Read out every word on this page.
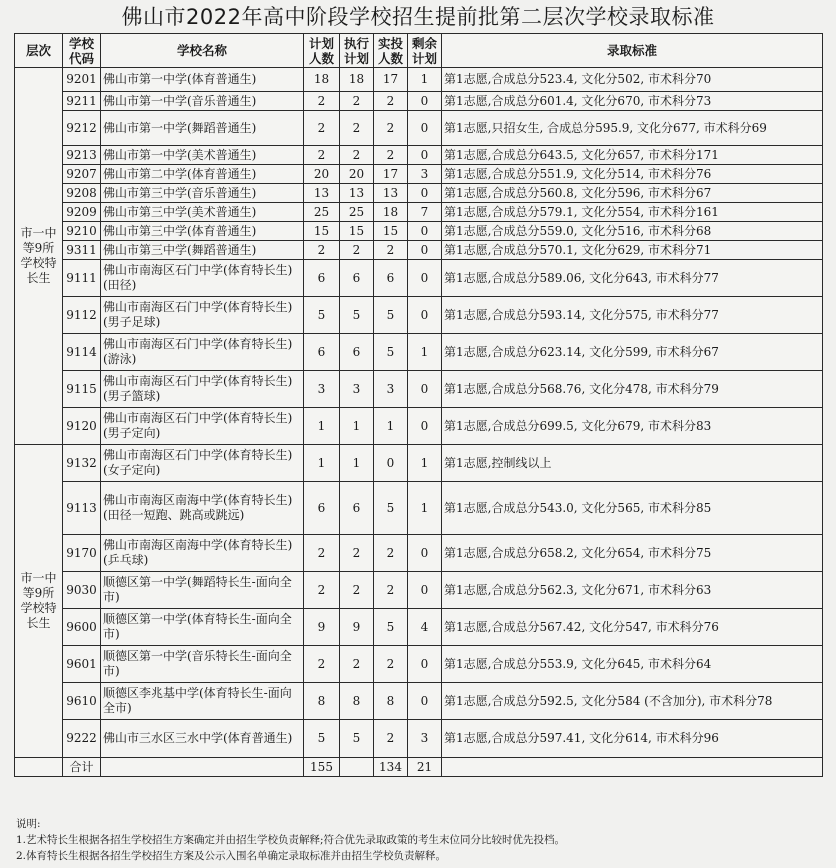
佛山市2022年高中阶段学校招生提前批第二层次学校录取标准
层次	学校代码	学校名称	计划人数	执行计划	实投人数	剩余计划	录取标准
市一中等9所学校特长生	9201	佛山市第一中学(体育普通生)	18	18	17	1	第1志愿,合成总分523.4, 文化分502, 市术科分70
	9211	佛山市第一中学(音乐普通生)	2	2	2	0	第1志愿,合成总分601.4, 文化分670, 市术科分73
	9212	佛山市第一中学(舞蹈普通生)	2	2	2	0	第1志愿,只招女生, 合成总分595.9, 文化分677, 市术科分69
	9213	佛山市第一中学(美术普通生)	2	2	2	0	第1志愿,合成总分643.5, 文化分657, 市术科分171
	9207	佛山市第二中学(体育普通生)	20	20	17	3	第1志愿,合成总分551.9, 文化分514, 市术科分76
	9208	佛山市第三中学(音乐普通生)	13	13	13	0	第1志愿,合成总分560.8, 文化分596, 市术科分67
	9209	佛山市第三中学(美术普通生)	25	25	18	7	第1志愿,合成总分579.1, 文化分554, 市术科分161
	9210	佛山市第三中学(体育普通生)	15	15	15	0	第1志愿,合成总分559.0, 文化分516, 市术科分68
	9311	佛山市第三中学(舞蹈普通生)	2	2	2	0	第1志愿,合成总分570.1, 文化分629, 市术科分71
	9111	佛山市南海区石门中学(体育特长生)(田径)	6	6	6	0	第1志愿,合成总分589.06, 文化分643, 市术科分77
	9112	佛山市南海区石门中学(体育特长生)(男子足球)	5	5	5	0	第1志愿,合成总分593.14, 文化分575, 市术科分77
	9114	佛山市南海区石门中学(体育特长生)(游泳)	6	6	5	1	第1志愿,合成总分623.14, 文化分599, 市术科分67
	9115	佛山市南海区石门中学(体育特长生)(男子篮球)	3	3	3	0	第1志愿,合成总分568.76, 文化分478, 市术科分79
	9120	佛山市南海区石门中学(体育特长生)(男子定向)	1	1	1	0	第1志愿,合成总分699.5, 文化分679, 市术科分83
市一中等9所学校特长生	9132	佛山市南海区石门中学(体育特长生)(女子定向)	1	1	0	1	第1志愿,控制线以上
	9113	佛山市南海区南海中学(体育特长生)(田径一短跑、跳高或跳远)	6	6	5	1	第1志愿,合成总分543.0, 文化分565, 市术科分85
	9170	佛山市南海区南海中学(体育特长生)(乒乓球)	2	2	2	0	第1志愿,合成总分658.2, 文化分654, 市术科分75
	9030	顺德区第一中学(舞蹈特长生-面向全市)	2	2	2	0	第1志愿,合成总分562.3, 文化分671, 市术科分63
	9600	顺德区第一中学(体育特长生-面向全市)	9	9	5	4	第1志愿,合成总分567.42, 文化分547, 市术科分76
	9601	顺德区第一中学(音乐特长生-面向全市)	2	2	2	0	第1志愿,合成总分553.9, 文化分645, 市术科分64
	9610	顺德区李兆基中学(体育特长生-面向全市)	8	8	8	0	第1志愿,合成总分592.5, 文化分584 (不含加分), 市术科分78
	9222	佛山市三水区三水中学(体育普通生)	5	5	2	3	第1志愿,合成总分597.41, 文化分614, 市术科分96
	合计		155		134	21	
说明:
1.艺术特长生根据各招生学校招生方案确定并由招生学校负责解释;符合优先录取政策的考生末位同分比较时优先投档。
2.体育特长生根据各招生学校招生方案及公示入围名单确定录取标准并由招生学校负责解释。
